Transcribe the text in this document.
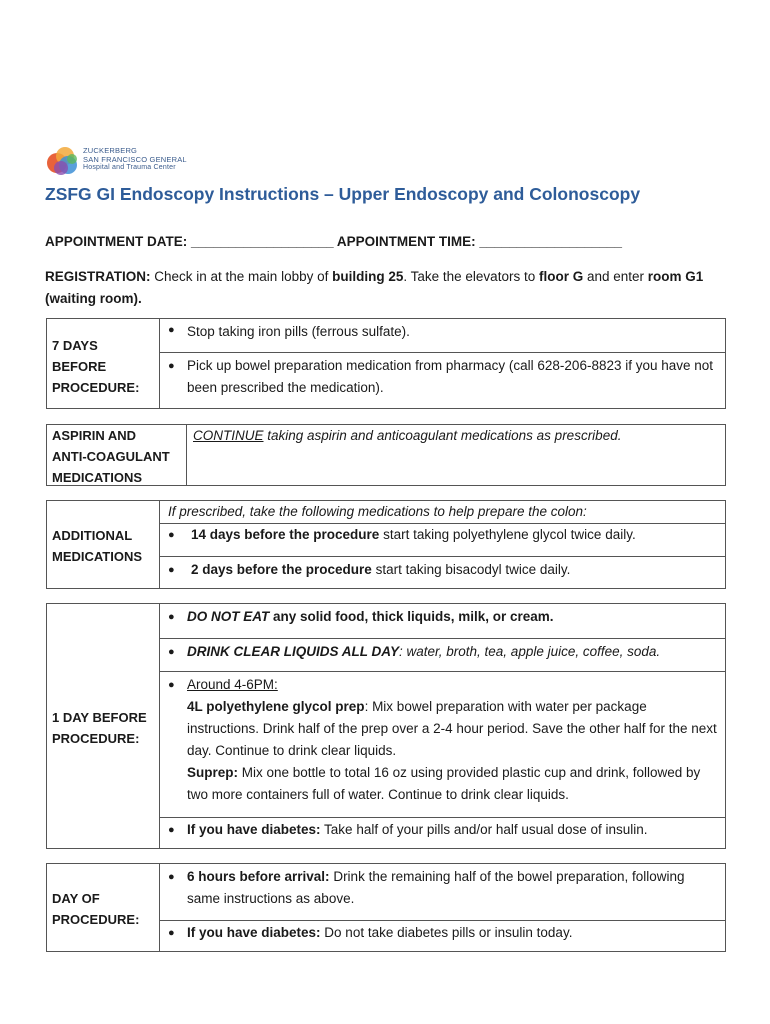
ZUCKERBERG
SAN FRANCISCO GENERAL
Hospital and Trauma Center
ZSFG GI Endoscopy Instructions – Upper Endoscopy and Colonoscopy
APPOINTMENT DATE: ___________________ APPOINTMENT TIME: ___________________
REGISTRATION: Check in at the main lobby of building 25. Take the elevators to floor G and enter room G1 (waiting room).
7 DAYS
BEFORE
PROCEDURE:
● Stop taking iron pills (ferrous sulfate).
● Pick up bowel preparation medication from pharmacy (call 628-206-8823 if you have not been prescribed the medication).
ASPIRIN AND
ANTI-COAGULANT
MEDICATIONS
CONTINUE taking aspirin and anticoagulant medications as prescribed.
ADDITIONAL
MEDICATIONS
If prescribed, take the following medications to help prepare the colon:
● 14 days before the procedure start taking polyethylene glycol twice daily.
● 2 days before the procedure start taking bisacodyl twice daily.
1 DAY BEFORE
PROCEDURE:
● DO NOT EAT any solid food, thick liquids, milk, or cream.
● DRINK CLEAR LIQUIDS ALL DAY: water, broth, tea, apple juice, coffee, soda.
● Around 4-6PM:
4L polyethylene glycol prep: Mix bowel preparation with water per package instructions. Drink half of the prep over a 2-4 hour period. Save the other half for the next day. Continue to drink clear liquids.
Suprep: Mix one bottle to total 16 oz using provided plastic cup and drink, followed by two more containers full of water. Continue to drink clear liquids.
● If you have diabetes: Take half of your pills and/or half usual dose of insulin.
DAY OF
PROCEDURE:
● 6 hours before arrival: Drink the remaining half of the bowel preparation, following same instructions as above.
● If you have diabetes: Do not take diabetes pills or insulin today.
